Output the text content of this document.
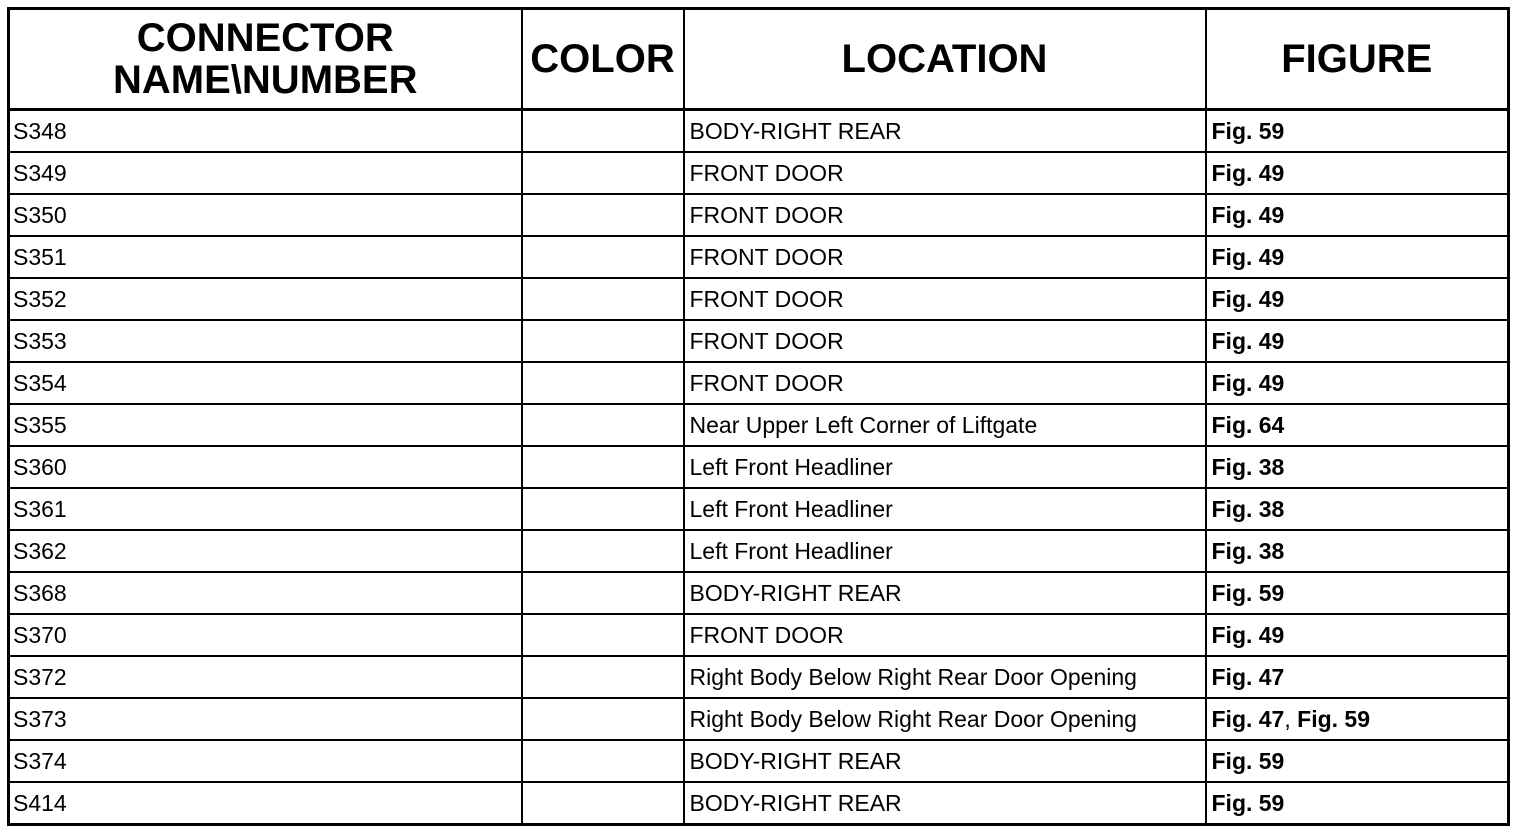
CONNECTOR
NAME\NUMBER	COLOR	LOCATION	FIGURE
S348		BODY-RIGHT REAR	Fig. 59
S349		FRONT DOOR	Fig. 49
S350		FRONT DOOR	Fig. 49
S351		FRONT DOOR	Fig. 49
S352		FRONT DOOR	Fig. 49
S353		FRONT DOOR	Fig. 49
S354		FRONT DOOR	Fig. 49
S355		Near Upper Left Corner of Liftgate	Fig. 64
S360		Left Front Headliner	Fig. 38
S361		Left Front Headliner	Fig. 38
S362		Left Front Headliner	Fig. 38
S368		BODY-RIGHT REAR	Fig. 59
S370		FRONT DOOR	Fig. 49
S372		Right Body Below Right Rear Door Opening	Fig. 47
S373		Right Body Below Right Rear Door Opening	Fig. 47, Fig. 59
S374		BODY-RIGHT REAR	Fig. 59
S414		BODY-RIGHT REAR	Fig. 59
